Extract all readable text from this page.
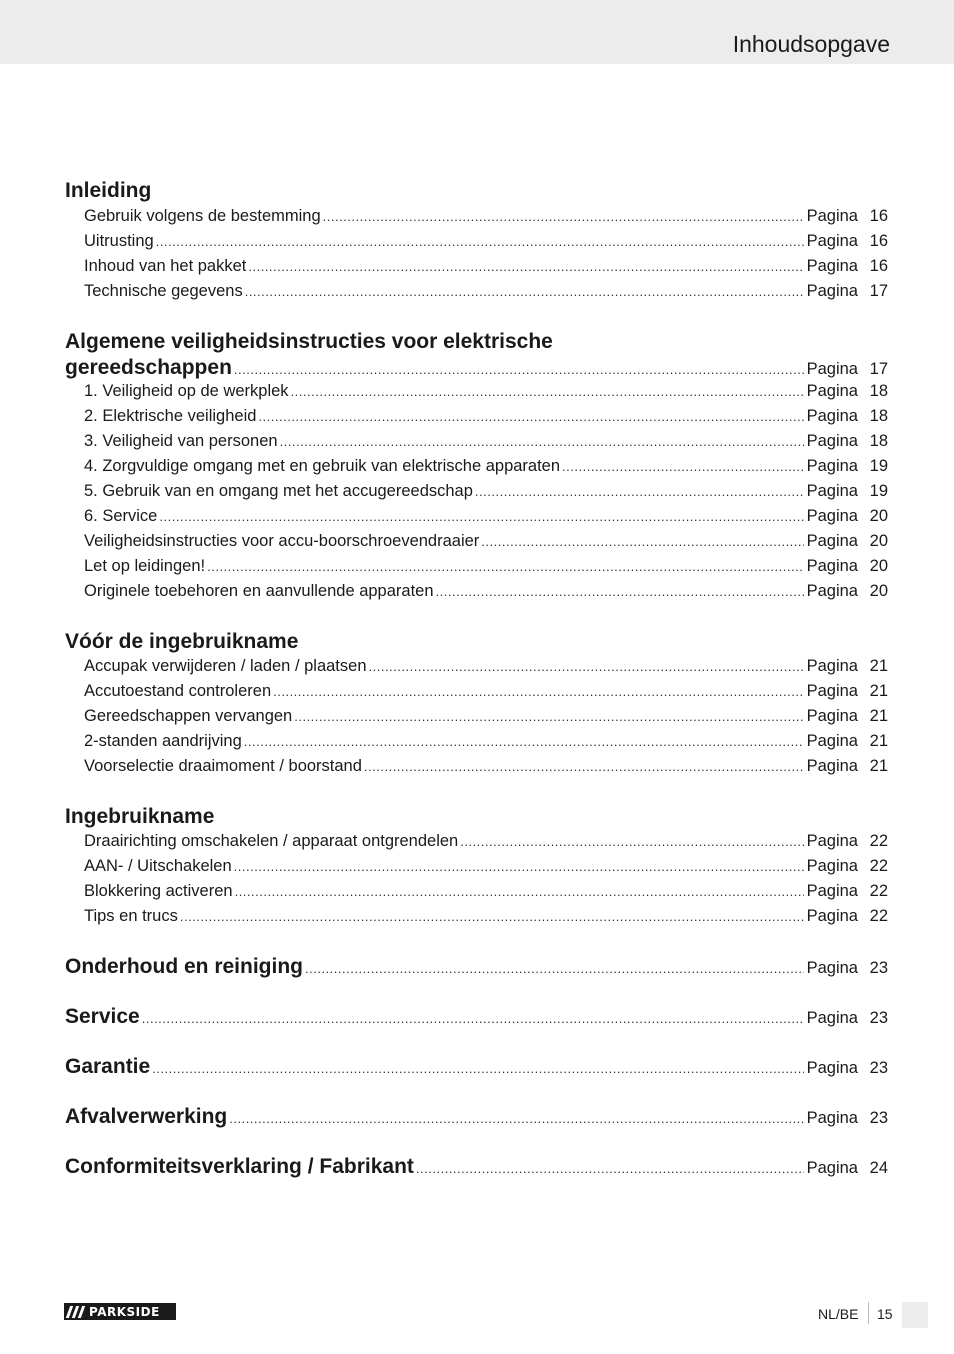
Inhoudsopgave
Inleiding
Gebruik volgens de bestemming .....	Pagina 16
Uitrusting .....	Pagina 16
Inhoud van het pakket .....	Pagina 16
Technische gegevens .....	Pagina 17
Algemene veiligheidsinstructies voor elektrische
gereedschappen .....	Pagina 17
1. Veiligheid op de werkplek .....	Pagina 18
2. Elektrische veiligheid .....	Pagina 18
3. Veiligheid van personen .....	Pagina 18
4. Zorgvuldige omgang met en gebruik van elektrische apparaten .....	Pagina 19
5. Gebruik van en omgang met het accugereedschap .....	Pagina 19
6. Service .....	Pagina 20
Veiligheidsinstructies voor accu-boorschroevendraaier .....	Pagina 20
Let op leidingen! .....	Pagina 20
Originele toebehoren en aanvullende apparaten .....	Pagina 20
Vóór de ingebruikname
Accupak verwijderen / laden / plaatsen .....	Pagina 21
Accutoestand controleren .....	Pagina 21
Gereedschappen vervangen .....	Pagina 21
2-standen aandrijving .....	Pagina 21
Voorselectie draaimoment / boorstand .....	Pagina 21
Ingebruikname
Draairichting omschakelen / apparaat ontgrendelen .....	Pagina 22
AAN- / Uitschakelen .....	Pagina 22
Blokkering activeren .....	Pagina 22
Tips en trucs .....	Pagina 22
Onderhoud en reiniging .....	Pagina 23
Service .....	Pagina 23
Garantie .....	Pagina 23
Afvalverwerking .....	Pagina 23
Conformiteitsverklaring / Fabrikant .....	Pagina 24
PARKSIDE	NL/BE 15
